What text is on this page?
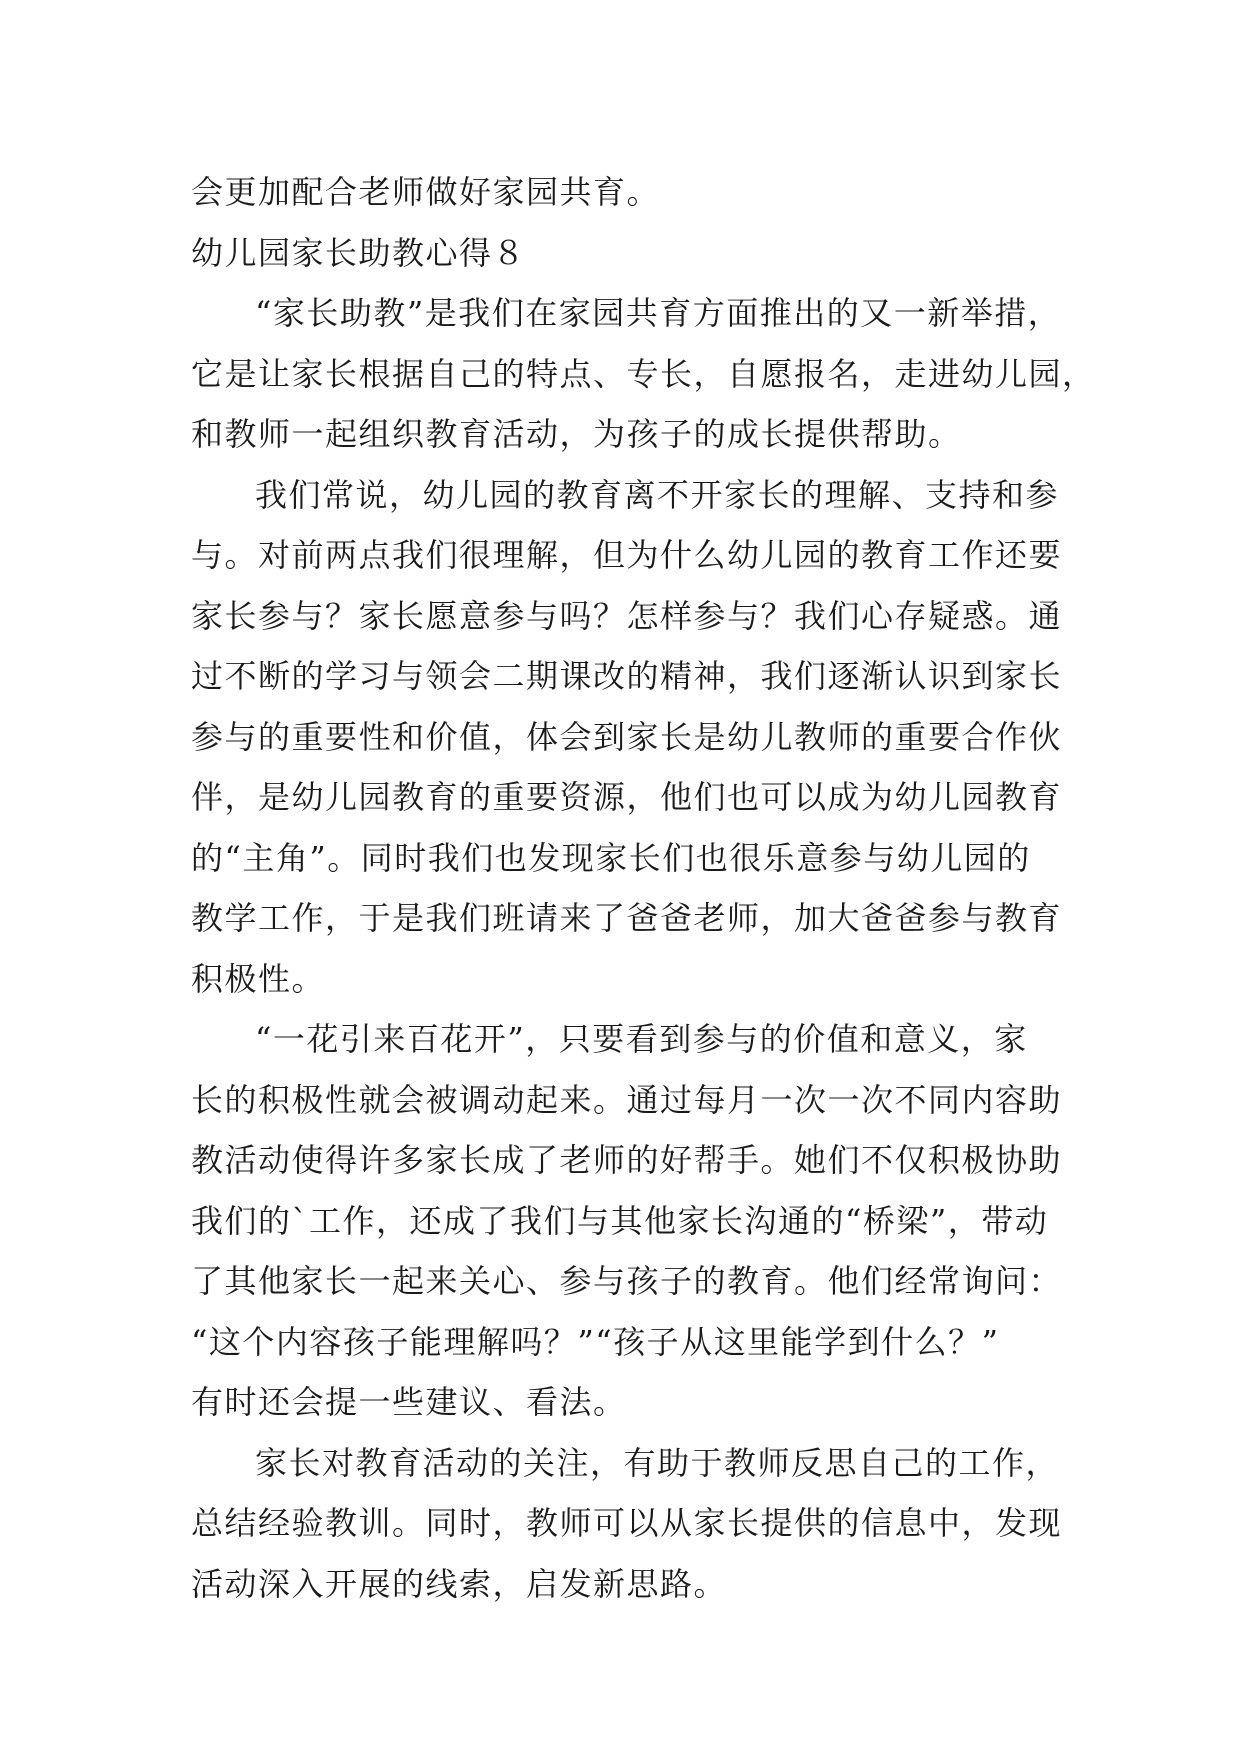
会更加配合老师做好家园共育。
幼儿园家长助教心得８
“家长助教”是我们在家园共育方面推出的又一新举措，
它是让家长根据自己的特点、专长，自愿报名，走进幼儿园，
和教师一起组织教育活动，为孩子的成长提供帮助。
我们常说，幼儿园的教育离不开家长的理解、支持和参
与。对前两点我们很理解，但为什么幼儿园的教育工作还要
家长参与？家长愿意参与吗？怎样参与？我们心存疑惑。通
过不断的学习与领会二期课改的精神，我们逐渐认识到家长
参与的重要性和价值，体会到家长是幼儿教师的重要合作伙
伴，是幼儿园教育的重要资源，他们也可以成为幼儿园教育
的“主角”。同时我们也发现家长们也很乐意参与幼儿园的
教学工作，于是我们班请来了爸爸老师，加大爸爸参与教育
积极性。
“一花引来百花开”，只要看到参与的价值和意义，家
长的积极性就会被调动起来。通过每月一次一次不同内容助
教活动使得许多家长成了老师的好帮手。她们不仅积极协助
我们的`工作，还成了我们与其他家长沟通的“桥梁”，带动
了其他家长一起来关心、参与孩子的教育。他们经常询问：
“这个内容孩子能理解吗？”“孩子从这里能学到什么？”
有时还会提一些建议、看法。
家长对教育活动的关注，有助于教师反思自己的工作，
总结经验教训。同时，教师可以从家长提供的信息中，发现
活动深入开展的线索，启发新思路。
